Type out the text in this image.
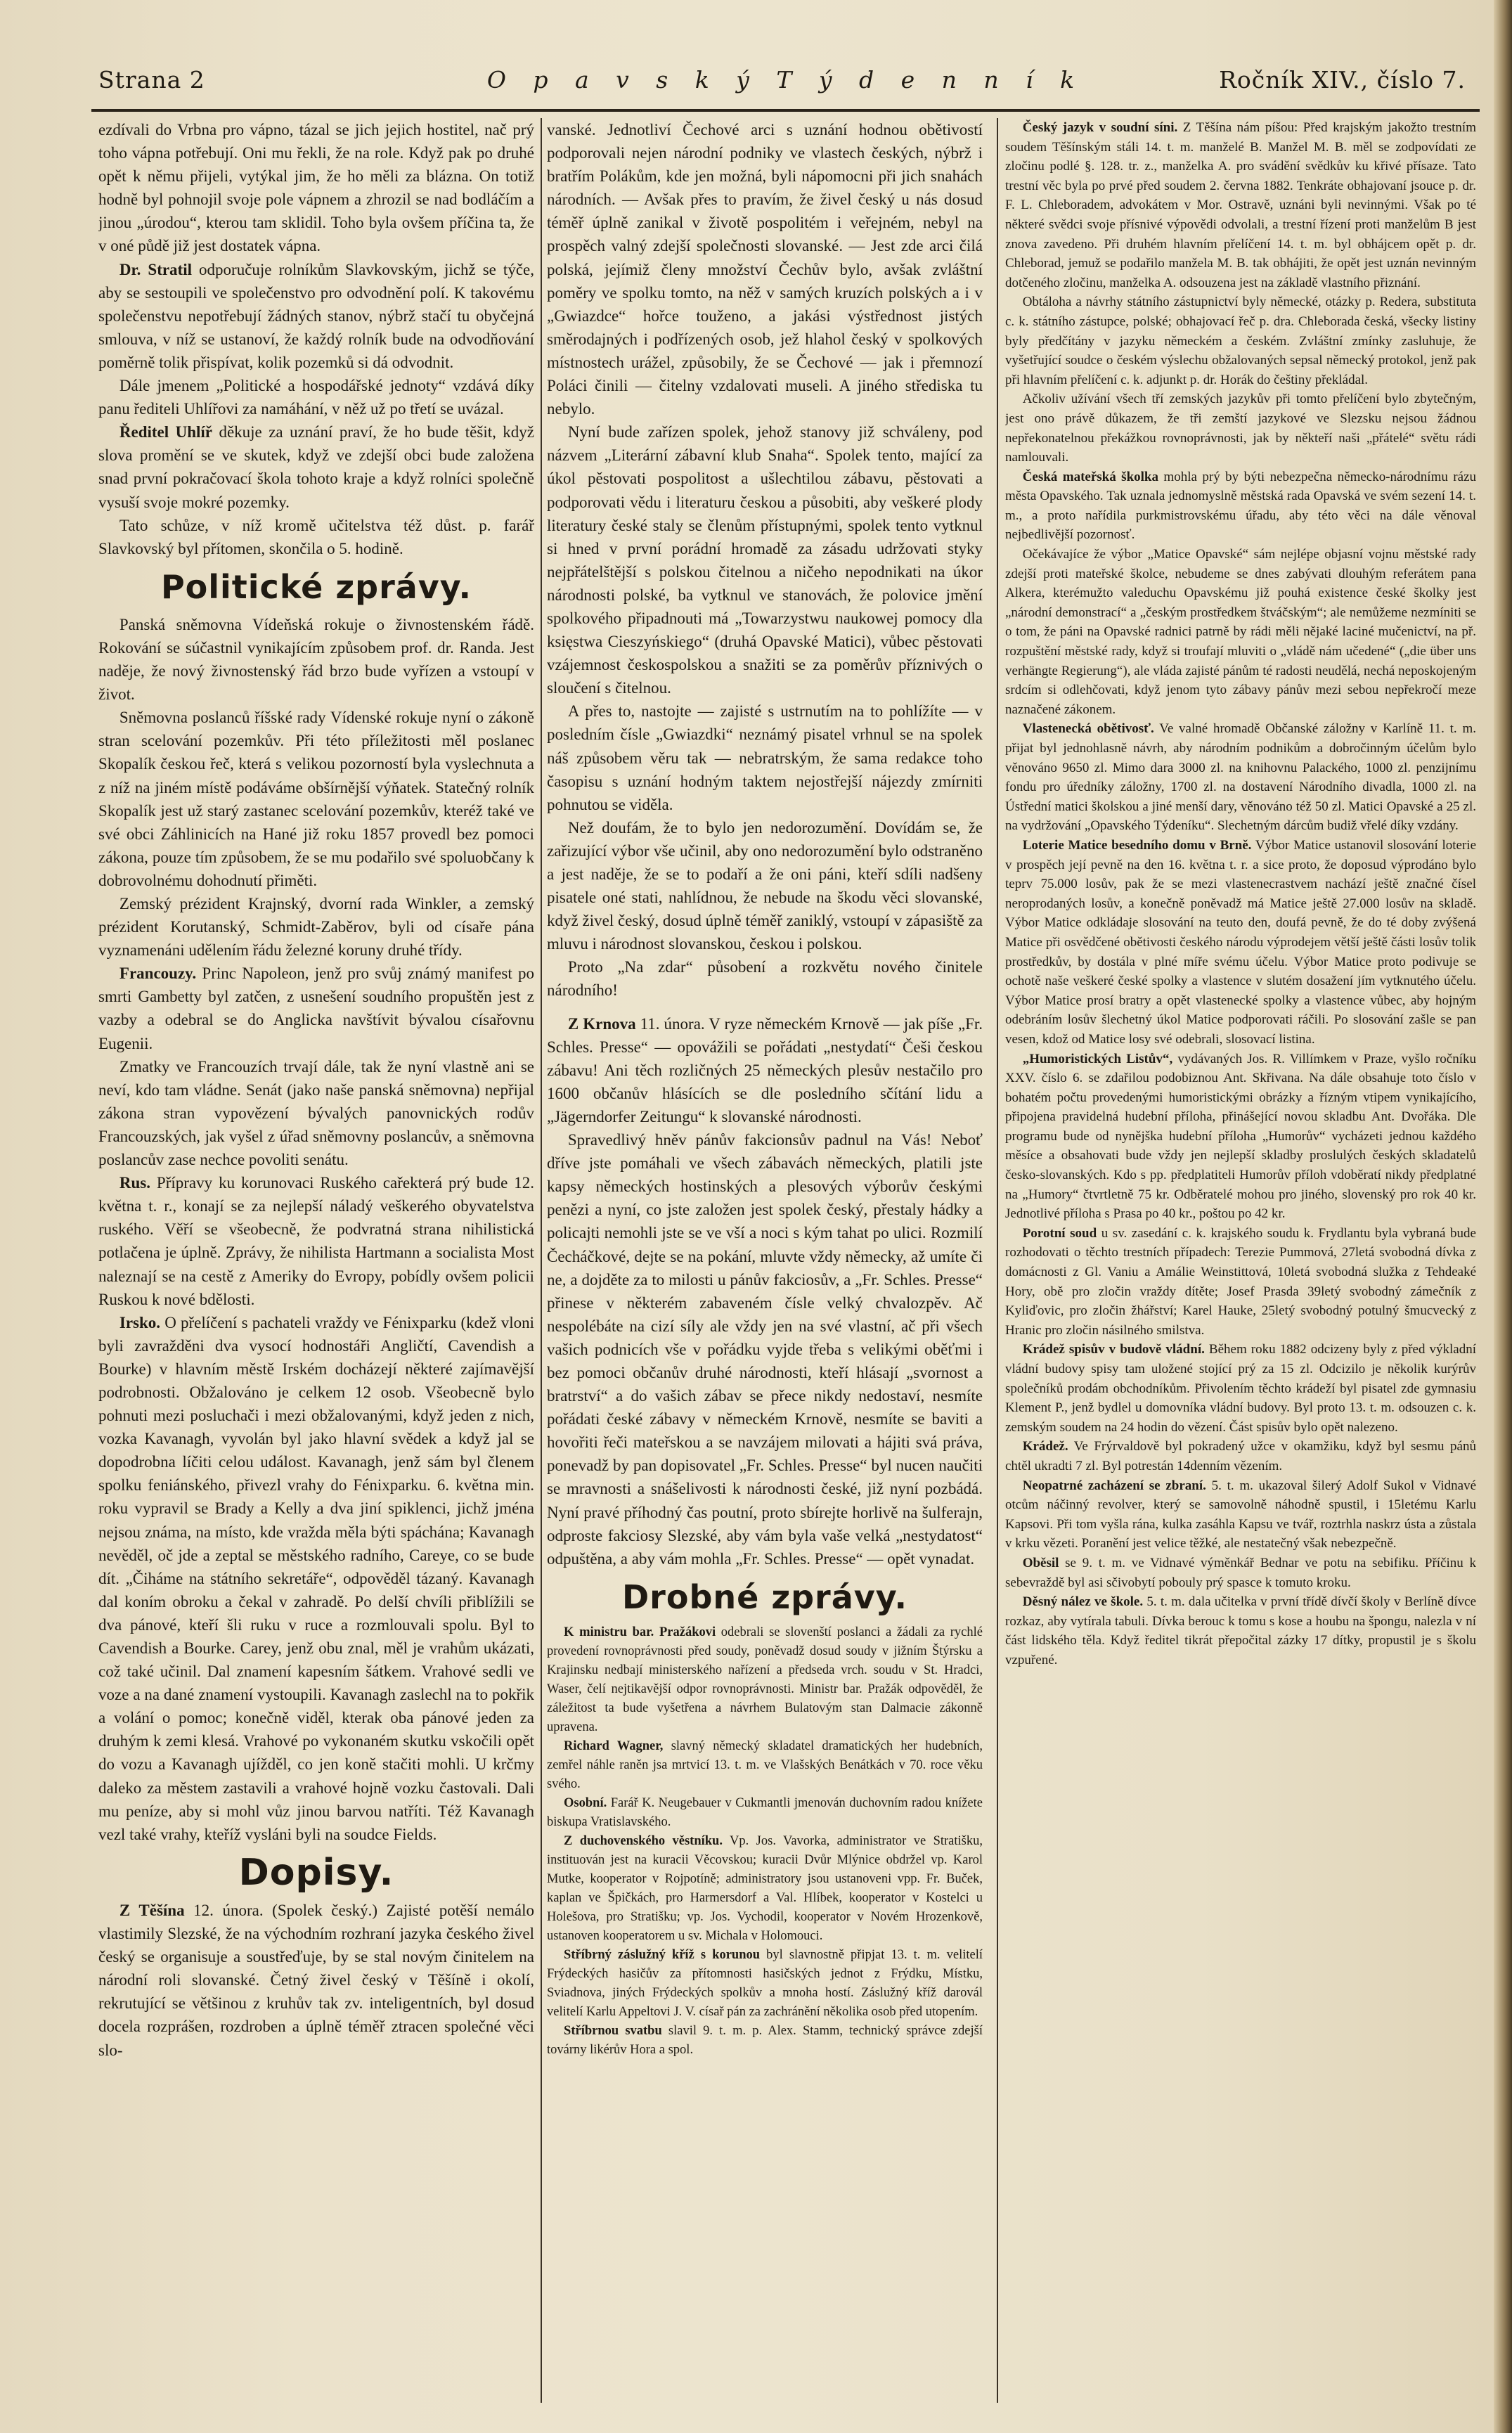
Strana 2	O p a v s k ý T ý d e n n í k	Ročník XIV., číslo 7.

ezdívali do Vrbna pro vápno, tázal se jich jejich hostitel, nač prý toho vápna potřebují. Oni mu řekli, že na role. Když pak po druhé opět k němu přijeli, vytýkal jim, že ho měli za blázna. On totiž hodně byl pohnojil svoje pole vápnem a zhrozil se nad bodláčím a jinou „úrodou“, kterou tam sklidil. Toho byla ovšem příčina ta, že v oné půdě již jest dostatek vápna.

Dr. Stratil odporučuje rolníkům Slavkovským, jichž se týče, aby se sestoupili ve společenstvo pro odvodnění polí. K takovému společenstvu nepotřebují žádných stanov, nýbrž stačí tu obyčejná smlouva, v níž se ustanoví, že každý rolník bude na odvodňování poměrně tolik přispívat, kolik pozemků si dá odvodnit.

Dále jmenem „Politické a hospodářské jednoty“ vzdává díky panu řediteli Uhlířovi za namáhání, v něž už po třetí se uvázal.

Ředitel Uhlíř děkuje za uznání praví, že ho bude těšit, když slova promění se ve skutek, když ve zdejší obci bude založena snad první pokračovací škola tohoto kraje a když rolníci společně vysuší svoje mokré pozemky.

Tato schůze, v níž kromě učitelstva též důst. p. farář Slavkovský byl přítomen, skončila o 5. hodině.

Politické zprávy.

Panská sněmovna Vídeňská rokuje o živnostenském řádě. Rokování se súčastnil vynikajícím způsobem prof. dr. Randa. Jest naděje, že nový živnostenský řád brzo bude vyřízen a vstoupí v život.

Sněmovna poslanců říšské rady Vídenské rokuje nyní o zákoně stran scelování pozemkův. Při této příležitosti měl poslanec Skopalík českou řeč, která s velikou pozorností byla vyslechnuta a z níž na jiném místě podáváme obšírnější výňatek. Statečný rolník Skopalík jest už starý zastanec scelování pozemkův, kteréž také ve své obci Záhlinicích na Hané již roku 1857 provedl bez pomoci zákona, pouze tím způsobem, že se mu podařilo své spoluobčany k dobrovolnému dohodnutí přiměti.

Zemský prézident Krajnský, dvorní rada Winkler, a zemský prézident Korutanský, Schmidt-Zaběrov, byli od císaře pána vyznamenáni udělením řádu železné koruny druhé třídy.

Francouzy. Princ Napoleon, jenž pro svůj známý manifest po smrti Gambetty byl zatčen, z usnešení soudního propuštěn jest z vazby a odebral se do Anglicka navštívit bývalou císařovnu Eugenii.

Zmatky ve Francouzích trvají dále, tak že nyní vlastně ani se neví, kdo tam vládne. Senát (jako naše panská sněmovna) nepřijal zákona stran vypovězení bývalých panovnických rodův Francouzských, jak vyšel z úřad sněmovny poslancův, a sněmovna poslancův zase nechce povoliti senátu.

Rus. Přípravy ku korunovaci Ruského cařekterá prý bude 12. května t. r., konají se za nejlepší náladý veškerého obyvatelstva ruského. Věří se všeobecně, že podvratná strana nihilistická potlačena je úplně. Zprávy, že nihilista Hartmann a socialista Most naleznají se na cestě z Ameriky do Evropy, pobídly ovšem policii Ruskou k nové bdělosti.

Irsko. O přelíčení s pachateli vraždy ve Fénixparku (kdež vloni byli zavražděni dva vysocí hodnostáři Angličtí, Cavendish a Bourke) v hlavním městě Irském docházejí některé zajímavější podrobnosti. Obžalováno je celkem 12 osob. Všeobecně bylo pohnuti mezi posluchači i mezi obžalovanými, když jeden z nich, vozka Kavanagh, vyvolán byl jako hlavní svědek a když jal se dopodrobna líčiti celou událost. Kavanagh, jenž sám byl členem spolku feniánského, přivezl vrahy do Fénixparku. 6. května min. roku vypravil se Brady a Kelly a dva jiní spiklenci, jichž jména nejsou známa, na místo, kde vražda měla býti spáchána; Kavanagh nevěděl, oč jde a zeptal se městského radního, Careye, co se bude dít. „Čiháme na státního sekretáře“, odpověděl tázaný. Kavanagh dal koním obroku a čekal v zahradě. Po delší chvíli přiblížili se dva pánové, kteří šli ruku v ruce a rozmlouvali spolu. Byl to Cavendish a Bourke. Carey, jenž obu znal, měl je vrahům ukázati, což také učinil. Dal znamení kapesním šátkem. Vrahové sedli ve voze a na dané znamení vystoupili. Kavanagh zaslechl na to pokřik a volání o pomoc; konečně viděl, kterak oba pánové jeden za druhým k zemi klesá. Vrahové po vykonaném skutku vskočili opět do vozu a Kavanagh ujížděl, co jen koně stačiti mohli. U krčmy daleko za městem zastavili a vrahové hojně vozku častovali. Dali mu peníze, aby si mohl vůz jinou barvou natříti. Též Kavanagh vezl také vrahy, kteříž vysláni byli na soudce Fields.

Dopisy.

Z Těšína 12. února. (Spolek český.) Zajisté potěší nemálo vlastimily Slezské, že na východním rozhraní jazyka českého živel český se organisuje a soustřeďuje, by se stal novým činitelem na národní roli slovanské. Četný živel český v Těšíně i okolí, rekrutující se většinou z kruhův tak zv. inteligentních, byl dosud docela rozprášen, rozdroben a úplně téměř ztracen společné věci slo-

vanské. Jednotliví Čechové arci s uznání hodnou obětivostí podporovali nejen národní podniky ve vlastech českých, nýbrž i bratřím Polákům, kde jen možná, byli nápomocni při jich snahách národních. — Avšak přes to pravím, že živel český u nás dosud téměř úplně zanikal v životě pospolitém i veřejném, nebyl na prospěch valný zdejší společnosti slovanské. — Jest zde arci čilá polská, jejímiž členy množství Čechův bylo, avšak zvláštní poměry ve spolku tomto, na něž v samých kruzích polských a i v „Gwiazdce“ hořce touženo, a jakási výstřednost jistých směrodajných i podřízených osob, jež hlahol český v spolkových místnostech urážel, způsobily, že se Čechové — jak i přemnozí Poláci činili — čitelny vzdalovati museli. A jiného střediska tu nebylo.

Nyní bude zařízen spolek, jehož stanovy již schváleny, pod názvem „Literární zábavní klub Snaha“. Spolek tento, mající za úkol pěstovati pospolitost a ušlechtilou zábavu, pěstovati a podporovati vědu i literaturu českou a působiti, aby veškeré plody literatury české staly se členům přístupnými, spolek tento vytknul si hned v první porádní hromadě za zásadu udržovati styky nejpřátelštější s polskou čitelnou a ničeho nepodnikati na úkor národnosti polské, ba vytknul ve stanovách, že polovice jmění spolkového připadnouti má „Towarzystwu naukowej pomocy dla księstwa Cieszyńskiego“ (druhá Opavské Matici), vůbec pěstovati vzájemnost českospolskou a snažiti se za poměrův příznivých o sloučení s čitelnou.

A přes to, nastojte — zajisté s ustrnutím na to pohlížíte — v posledním čísle „Gwiazdki“ neznámý pisatel vrhnul se na spolek náš způsobem věru tak — nebratrským, že sama redakce toho časopisu s uznání hodným taktem nejostřejší nájezdy zmírniti pohnutou se viděla.

Než doufám, že to bylo jen nedorozumění. Dovídám se, že zařizující výbor vše učinil, aby ono nedorozumění bylo odstraněno a jest naděje, že se to podaří a že oni páni, kteří sdíli nadšeny pisatele oné stati, nahlídnou, že nebude na škodu věci slovanské, když živel český, dosud úplně téměř zaniklý, vstoupí v zápasiště za mluvu i národnost slovanskou, českou i polskou.

Proto „Na zdar“ působení a rozkvětu nového činitele národního!

Z Krnova 11. února. V ryze německém Krnově — jak píše „Fr. Schles. Presse“ — opovážili se pořádati „nestydatí“ Češi českou zábavu! Ani těch rozličných 25 německých plesův nestačilo pro 1600 občanův hlásících se dle posledního sčítání lidu a „Jägerndorfer Zeitungu“ k slovanské národnosti.

Spravedlivý hněv pánův fakcionsův padnul na Vás! Neboť dříve jste pomáhali ve všech zábavách německých, platili jste kapsy německých hostinských a plesových výborův českými penězi a nyní, co jste založen jest spolek český, přestaly hádky a policajti nemohli jste se ve vší a noci s kým tahat po ulici. Rozmilí Čecháčkové, dejte se na pokání, mluvte vždy německy, až umíte či ne, a dojděte za to milosti u pánův fakciosův, a „Fr. Schles. Presse“ přinese v některém zabaveném čísle velký chvalozpěv. Ač nespolébáte na cizí síly ale vždy jen na své vlastní, ač při všech vašich podnicích vše v pořádku vyjde třeba s velikými oběťmi i bez pomoci občanův druhé národnosti, kteří hlásají „svornost a bratrství“ a do vašich zábav se přece nikdy nedostaví, nesmíte pořádati české zábavy v německém Krnově, nesmíte se baviti a hovořiti řeči mateřskou a se navzájem milovati a hájiti svá práva, ponevadž by pan dopisovatel „Fr. Schles. Presse“ byl nucen naučiti se mravnosti a snášelivosti k národnosti české, již nyní pozbádá. Nyní pravé příhodný čas poutní, proto sbírejte horlivě na šulferajn, odproste fakciosy Slezské, aby vám byla vaše velká „nestydatost“ odpuštěna, a aby vám mohla „Fr. Schles. Presse“ — opět vynadat.

Drobné zprávy.

K ministru bar. Pražákovi odebrali se slovenští poslanci a žádali za rychlé provedení rovnoprávnosti před soudy, poněvadž dosud soudy v jižním Štýrsku a Krajinsku nedbají ministerského nařízení a předseda vrch. soudu v St. Hradci, Waser, čelí nejtikavější odpor rovnoprávnosti. Ministr bar. Pražák odpověděl, že záležitost ta bude vyšetřena a návrhem Bulatovým stan Dalmacie zákonně upravena.

Richard Wagner, slavný německý skladatel dramatických her hudebních, zemřel náhle raněn jsa mrtvicí 13. t. m. ve Vlašských Benátkách v 70. roce věku svého.

Osobní. Farář K. Neugebauer v Cukmantli jmenován duchovním radou knížete biskupa Vratislavského.

Z duchovenského věstníku. Vp. Jos. Vavorka, administrator ve Stratišku, instituován jest na kuracii Věcovskou; kuracii Dvůr Mlýnice obdržel vp. Karol Mutke, kooperator v Rojpotíně; administratory jsou ustanoveni vpp. Fr. Buček, kaplan ve Špičkách, pro Harmersdorf a Val. Hlíbek, kooperator v Kostelci u Holešova, pro Stratišku; vp. Jos. Vychodil, kooperator v Novém Hrozenkově, ustanoven kooperatorem u sv. Michala v Holomouci.

Stříbrný záslužný kříž s korunou byl slavnostně připjat 13. t. m. velitelí Frýdeckých hasičův za přítomnosti hasičských jednot z Frýdku, Místku, Sviadnova, jiných Frýdeckých spolkův a mnoha hostí. Záslužný kříž darovál velitelí Karlu Appeltovi J. V. císař pán za zachránění několika osob před utopením.

Stříbrnou svatbu slavil 9. t. m. p. Alex. Stamm, technický správce zdejší továrny likérův Hora a spol.

Český jazyk v soudní síni. Z Těšína nám píšou: Před krajským jakožto trestním soudem Těšínským stáli 14. t. m. manželé B. Manžel M. B. měl se zodpovídati ze zločinu podlé §. 128. tr. z., manželka A. pro svádění svědkův ku křivé přísaze. Tato trestní věc byla po prvé před soudem 2. června 1882. Tenkráte obhajovaní jsouce p. dr. F. L. Chleboradem, advokátem v Mor. Ostravě, uznáni byli nevinnými. Však po té některé svědci svoje přísnivé výpovědi odvolali, a trestní řízení proti manželům B jest znova zavedeno. Při druhém hlavním přelíčení 14. t. m. byl obhájcem opět p. dr. Chleborad, jemuž se podařilo manžela M. B. tak obhájiti, že opět jest uznán nevinným dotčeného zločinu, manželka A. odsouzena jest na základě vlastního přiznání.

Obtáloha a návrhy státního zástupnictví byly německé, otázky p. Redera, substituta c. k. státního zástupce, polské; obhajovací řeč p. dra. Chleborada česká, všecky listiny byly předčítány v jazyku německém a českém. Zvláštní zmínky zasluhuje, že vyšetřující soudce o českém výslechu obžalovaných sepsal německý protokol, jenž pak při hlavním přelíčení c. k. adjunkt p. dr. Horák do češtiny překládal.

Ačkoliv užívání všech tří zemských jazykův při tomto přelíčení bylo zbytečným, jest ono právě důkazem, že tři zemští jazykové ve Slezsku nejsou žádnou nepřekonatelnou překážkou rovnoprávnosti, jak by někteří naši „přátelé“ světu rádi namlouvali.

Česká mateřská školka mohla prý by býti nebezpečna německo-národnímu rázu města Opavského. Tak uznala jednomyslně městská rada Opavská ve svém sezení 14. t. m., a proto nařídila purkmistrovskému úřadu, aby této věci na dále věnoval nejbedlivější pozornosť.

Očekávajíce že výbor „Matice Opavské“ sám nejlépe objasní vojnu městské rady zdejší proti mateřské školce, nebudeme se dnes zabývati dlouhým referátem pana Alkera, kterémužto valeduchu Opavskému již pouhá existence české školky jest „národní demonstrací“ a „českým prostředkem štváčským“; ale nemůžeme nezmíniti se o tom, že páni na Opavské radnici patrně by rádi měli nějaké laciné mučenictví, na př. rozpuštění městské rady, když si troufají mluviti o „vládě nám učedené“ („die über uns verhängte Regierung“), ale vláda zajisté pánům té radosti neudělá, nechá neposkojeným srdcím si odlehčovati, když jenom tyto zábavy pánův mezi sebou nepřekročí meze naznačené zákonem.

Vlastenecká obětivosť. Ve valné hromadě Občanské záložny v Karlíně 11. t. m. přijat byl jednohlasně návrh, aby národním podnikům a dobročinným účelům bylo věnováno 9650 zl. Mimo dara 3000 zl. na knihovnu Palackého, 1000 zl. penzijnímu fondu pro úředníky záložny, 1700 zl. na dostavení Národního divadla, 1000 zl. na Ústřední matici školskou a jiné menší dary, věnováno též 50 zl. Matici Opavské a 25 zl. na vydržování „Opavského Týdeníku“. Slechetným dárcům budiž vřelé díky vzdány.

Loterie Matice besedního domu v Brně. Výbor Matice ustanovil slosování loterie v prospěch její pevně na den 16. května t. r. a sice proto, že doposud výprodáno bylo teprv 75.000 losův, pak že se mezi vlastenecrastvem nachází ještě značné čísel neroprodaných losův, a konečně poněvadž má Matice ještě 27.000 losův na skladě. Výbor Matice odkládaje slosování na teuto den, doufá pevně, že do té doby zvýšená Matice při osvědčené obětivosti českého národu výprodejem větší ještě části losův tolik prostředkův, by dostála v plné míře svému účelu. Výbor Matice proto podivuje se ochotě naše veškeré české spolky a vlastence v slutém dosažení jím vytknutého účelu. Výbor Matice prosí bratry a opět vlastenecké spolky a vlastence vůbec, aby hojným odebráním losův šlechetný úkol Matice podporovati ráčili. Po slosování zašle se pan vesen, kdož od Matice losy své odebrali, slosovací listina.

„Humoristických Listův“, vydávaných Jos. R. Villímkem v Praze, vyšlo ročníku XXV. číslo 6. se zdařilou podobiznou Ant. Skřivana. Na dále obsahuje toto číslo v bohatém počtu provedenými humoristickými obrázky a řízným vtipem vynikajícího, připojena pravidelná hudební příloha, přinášející novou skladbu Ant. Dvořáka. Dle programu bude od nynějška hudební příloha „Humorův“ vycházeti jednou každého měsíce a obsahovati bude vždy jen nejlepší skladby proslulých českých skladatelů česko-slovanských. Kdo s pp. předplatiteli Humorův příloh vdoběratí nikdy předplatné na „Humory“ čtvrtletně 75 kr. Odběratelé mohou pro jiného, slovenský pro rok 40 kr. Jednotlivé příloha s Prasa po 40 kr., poštou po 42 kr.

Porotní soud u sv. zasedání c. k. krajského soudu k. Frydlantu byla vybraná bude rozhodovati o těchto trestních případech: Terezie Pummová, 27letá svobodná dívka z domácnosti z Gl. Vaniu a Amálie Weinstittová, 10letá svobodná služka z Tehdeaké Hory, obě pro zločin vraždy dítěte; Josef Prasda 39letý svobodný zámečník z Kyliďovic, pro zločin žhářství; Karel Hauke, 25letý svobodný potulný šmucvecký z Hranic pro zločin násilného smilstva.

Krádež spisův v budově vládní. Během roku 1882 odcizeny byly z před výkladní vládní budovy spisy tam uložené stojící prý za 15 zl. Odcizilo je několik kurýrův společníků prodám obchodníkům. Přivolením těchto krádeží byl pisatel zde gymnasiu Klement P., jenž bydlel u domovníka vládní budovy. Byl proto 13. t. m. odsouzen c. k. zemským soudem na 24 hodin do vězení. Část spisův bylo opět nalezeno.

Krádež. Ve Frýrvaldově byl pokradený užce v okamžiku, když byl sesmu pánů chtěl ukradti 7 zl. Byl potrestán 14denním vězením.

Neopatrné zacházení se zbraní. 5. t. m. ukazoval šilerý Adolf Sukol v Vidnavé otcům náčinný revolver, který se samovolně náhodně spustil, i 15letému Karlu Kapsovi. Při tom vyšla rána, kulka zasáhla Kapsu ve tvář, roztrhla naskrz ústa a zůstala v krku vězeti. Poranění jest velice těžké, ale nestatečný však nebezpečně.

Oběsil se 9. t. m. ve Vidnavé výměnkář Bednar ve potu na sebifiku. Příčinu k sebevraždě byl asi sčivobytí pobouly prý spasce k tomuto kroku.

Děsný nález ve škole. 5. t. m. dala učitelka v první třídě dívčí školy v Berlíně dívce rozkaz, aby vytírala tabuli. Dívka berouc k tomu s kose a houbu na špongu, nalezla v ní část lidského těla. Když ředitel tikrát přepočital zázky 17 dítky, propustil je s školu vzpuřené.
